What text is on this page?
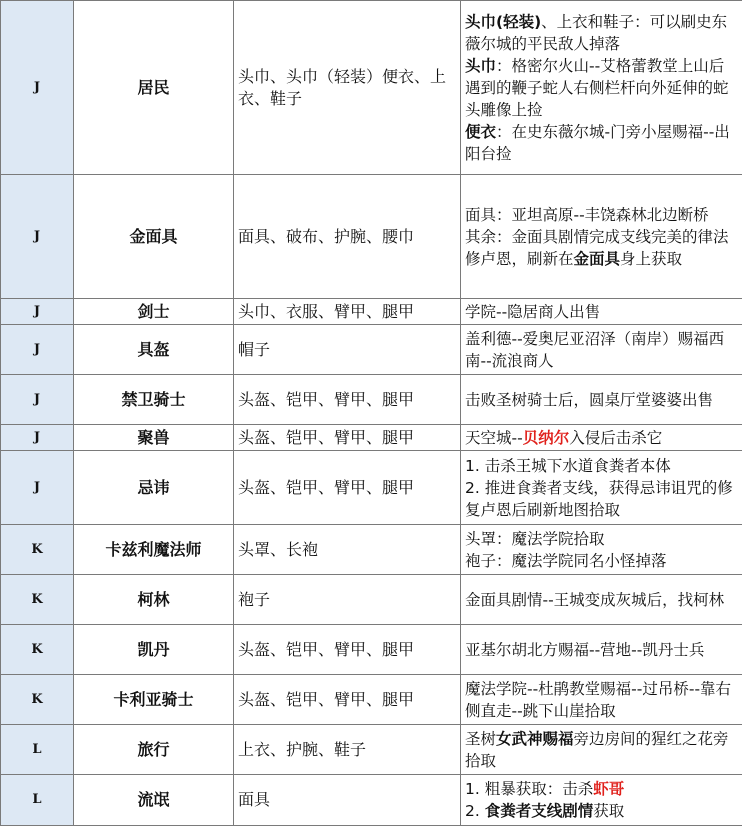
J	居民	头巾、头巾（轻装）便衣、上衣、鞋子	头巾(轻装)、上衣和鞋子：可以刷史东薇尔城的平民敌人掉落
头巾：格密尔火山--艾格蕾教堂上山后遇到的鞭子蛇人右侧栏杆向外延伸的蛇头雕像上捡
便衣：在史东薇尔城-门旁小屋赐福--出阳台捡

J	金面具	面具、破布、护腕、腰巾	面具：亚坦高原--丰饶森林北边断桥
其余：金面具剧情完成支线完美的律法修卢恩，刷新在金面具身上获取

J	剑士	头巾、衣服、臂甲、腿甲	学院--隐居商人出售

J	具盔	帽子	盖利德--爱奥尼亚沼泽（南岸）赐福西南--流浪商人

J	禁卫骑士	头盔、铠甲、臂甲、腿甲	击败圣树骑士后，圆桌厅堂婆婆出售

J	聚兽	头盔、铠甲、臂甲、腿甲	天空城--贝纳尔入侵后击杀它

J	忌讳	头盔、铠甲、臂甲、腿甲	1. 击杀王城下水道食粪者本体
2. 推进食粪者支线，获得忌讳诅咒的修复卢恩后刷新地图拾取

K	卡兹利魔法师	头罩、长袍	头罩：魔法学院拾取
袍子：魔法学院同名小怪掉落

K	柯林	袍子	金面具剧情--王城变成灰城后，找柯林

K	凯丹	头盔、铠甲、臂甲、腿甲	亚基尔胡北方赐福--营地--凯丹士兵

K	卡利亚骑士	头盔、铠甲、臂甲、腿甲	魔法学院--杜鹃教堂赐福--过吊桥--靠右侧直走--跳下山崖拾取

L	旅行	上衣、护腕、鞋子	圣树女武神赐福旁边房间的猩红之花旁拾取

L	流氓	面具	1. 粗暴获取：击杀虾哥
2. 食粪者支线剧情获取
